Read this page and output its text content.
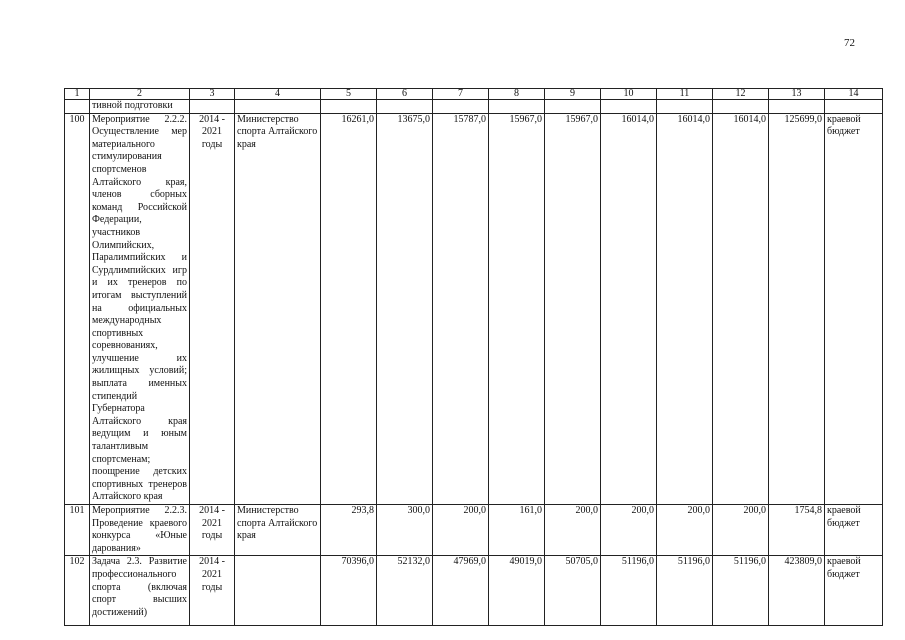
72
1	2	3	4	5	6	7	8	9	10	11	12	13	14
	тивной подготовки												
100	Мероприятие 2.2.2. Осуществление мер материального стимулирования спортсменов Алтайского края, членов сборных команд Российской Федерации, участников Олимпийских, Паралимпийских и Сурдлимпийских игр и их тренеров по итогам выступлений на официальных международных спортивных соревнованиях, улучшение их жилищных условий; выплата именных стипендий Губернатора Алтайского края ведущим и юным талантливым спортсменам; поощрение детских спортивных тренеров Алтайского края	2014 - 2021 годы	Министерство спорта Алтайского края	16261,0	13675,0	15787,0	15967,0	15967,0	16014,0	16014,0	16014,0	125699,0	краевой бюджет
101	Мероприятие 2.2.3. Проведение краевого конкурса «Юные дарования»	2014 - 2021 годы	Министерство спорта Алтайского края	293,8	300,0	200,0	161,0	200,0	200,0	200,0	200,0	1754,8	краевой бюджет
102	Задача 2.3. Развитие профессионального спорта (включая спорт высших достижений)	2014 - 2021 годы		70396,0	52132,0	47969,0	49019,0	50705,0	51196,0	51196,0	51196,0	423809,0	краевой бюджет
